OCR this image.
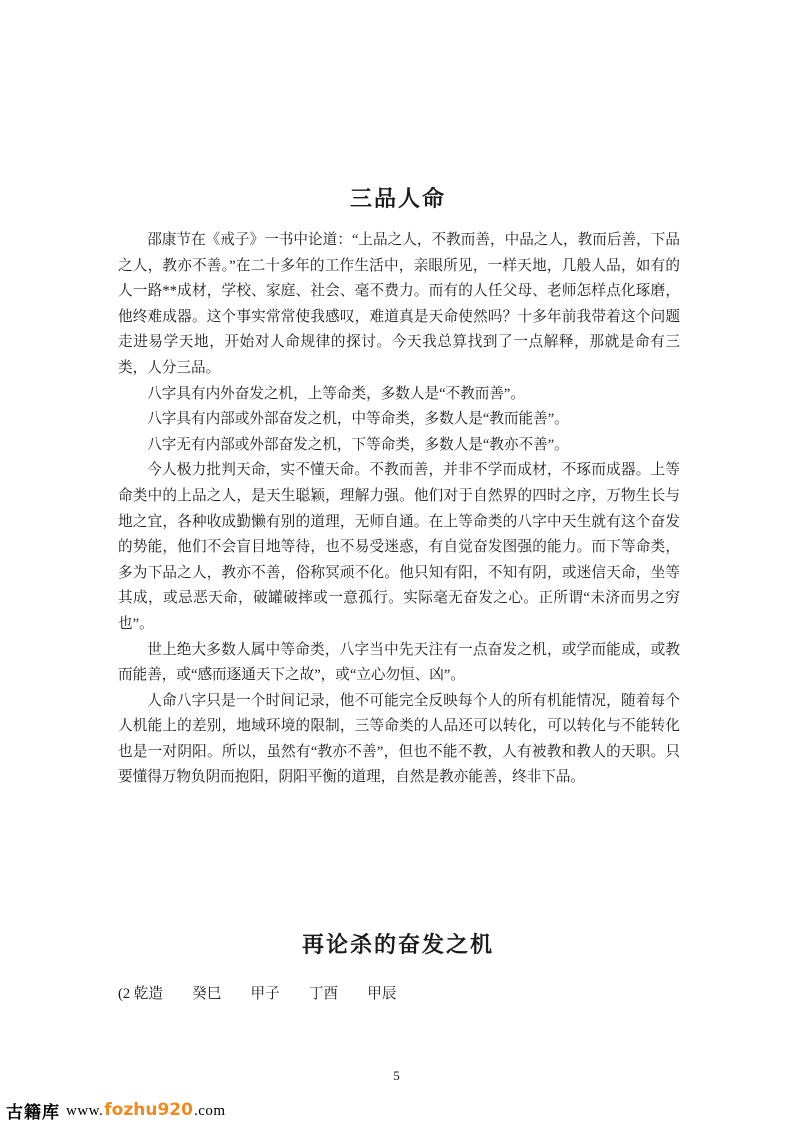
三品人命

邵康节在《戒子》一书中论道：“上品之人，不教而善，中品之人，教而后善，下品之人，教亦不善。”在二十多年的工作生活中，亲眼所见，一样天地，几般人品，如有的人一路**成材，学校、家庭、社会、毫不费力。而有的人任父母、老师怎样点化琢磨，他终难成器。这个事实常常使我感叹，难道真是天命使然吗？十多年前我带着这个问题走进易学天地，开始对人命规律的探讨。今天我总算找到了一点解释，那就是命有三类，人分三品。

八字具有内外奋发之机，上等命类，多数人是“不教而善”。

八字具有内部或外部奋发之机，中等命类，多数人是“教而能善”。

八字无有内部或外部奋发之机，下等命类，多数人是“教亦不善”。

今人极力批判天命，实不懂天命。不教而善，并非不学而成材，不琢而成器。上等命类中的上品之人，是天生聪颖，理解力强。他们对于自然界的四时之序，万物生长与地之宜，各种收成勤懒有别的道理，无师自通。在上等命类的八字中天生就有这个奋发的势能，他们不会盲目地等待，也不易受迷惑，有自觉奋发图强的能力。而下等命类，多为下品之人，教亦不善，俗称冥顽不化。他只知有阳，不知有阴，或迷信天命，坐等其成，或忌恶天命，破罐破摔或一意孤行。实际毫无奋发之心。正所谓“未济而男之穷也”。

世上绝大多数人属中等命类，八字当中先天注有一点奋发之机，或学而能成，或教而能善，或“感而逐通天下之故”，或“立心勿恒、凶”。

人命八字只是一个时间记录，他不可能完全反映每个人的所有机能情况，随着每个人机能上的差别，地域环境的限制，三等命类的人品还可以转化，可以转化与不能转化也是一对阴阳。所以，虽然有“教亦不善”，但也不能不教，人有被教和教人的天职。只要懂得万物负阴而抱阳，阴阳平衡的道理，自然是教亦能善，终非下品。

再论杀的奋发之机
(2 乾造　　癸巳　　甲子　　丁酉　　甲辰
5
古籍库 www. fozhu920 .com
